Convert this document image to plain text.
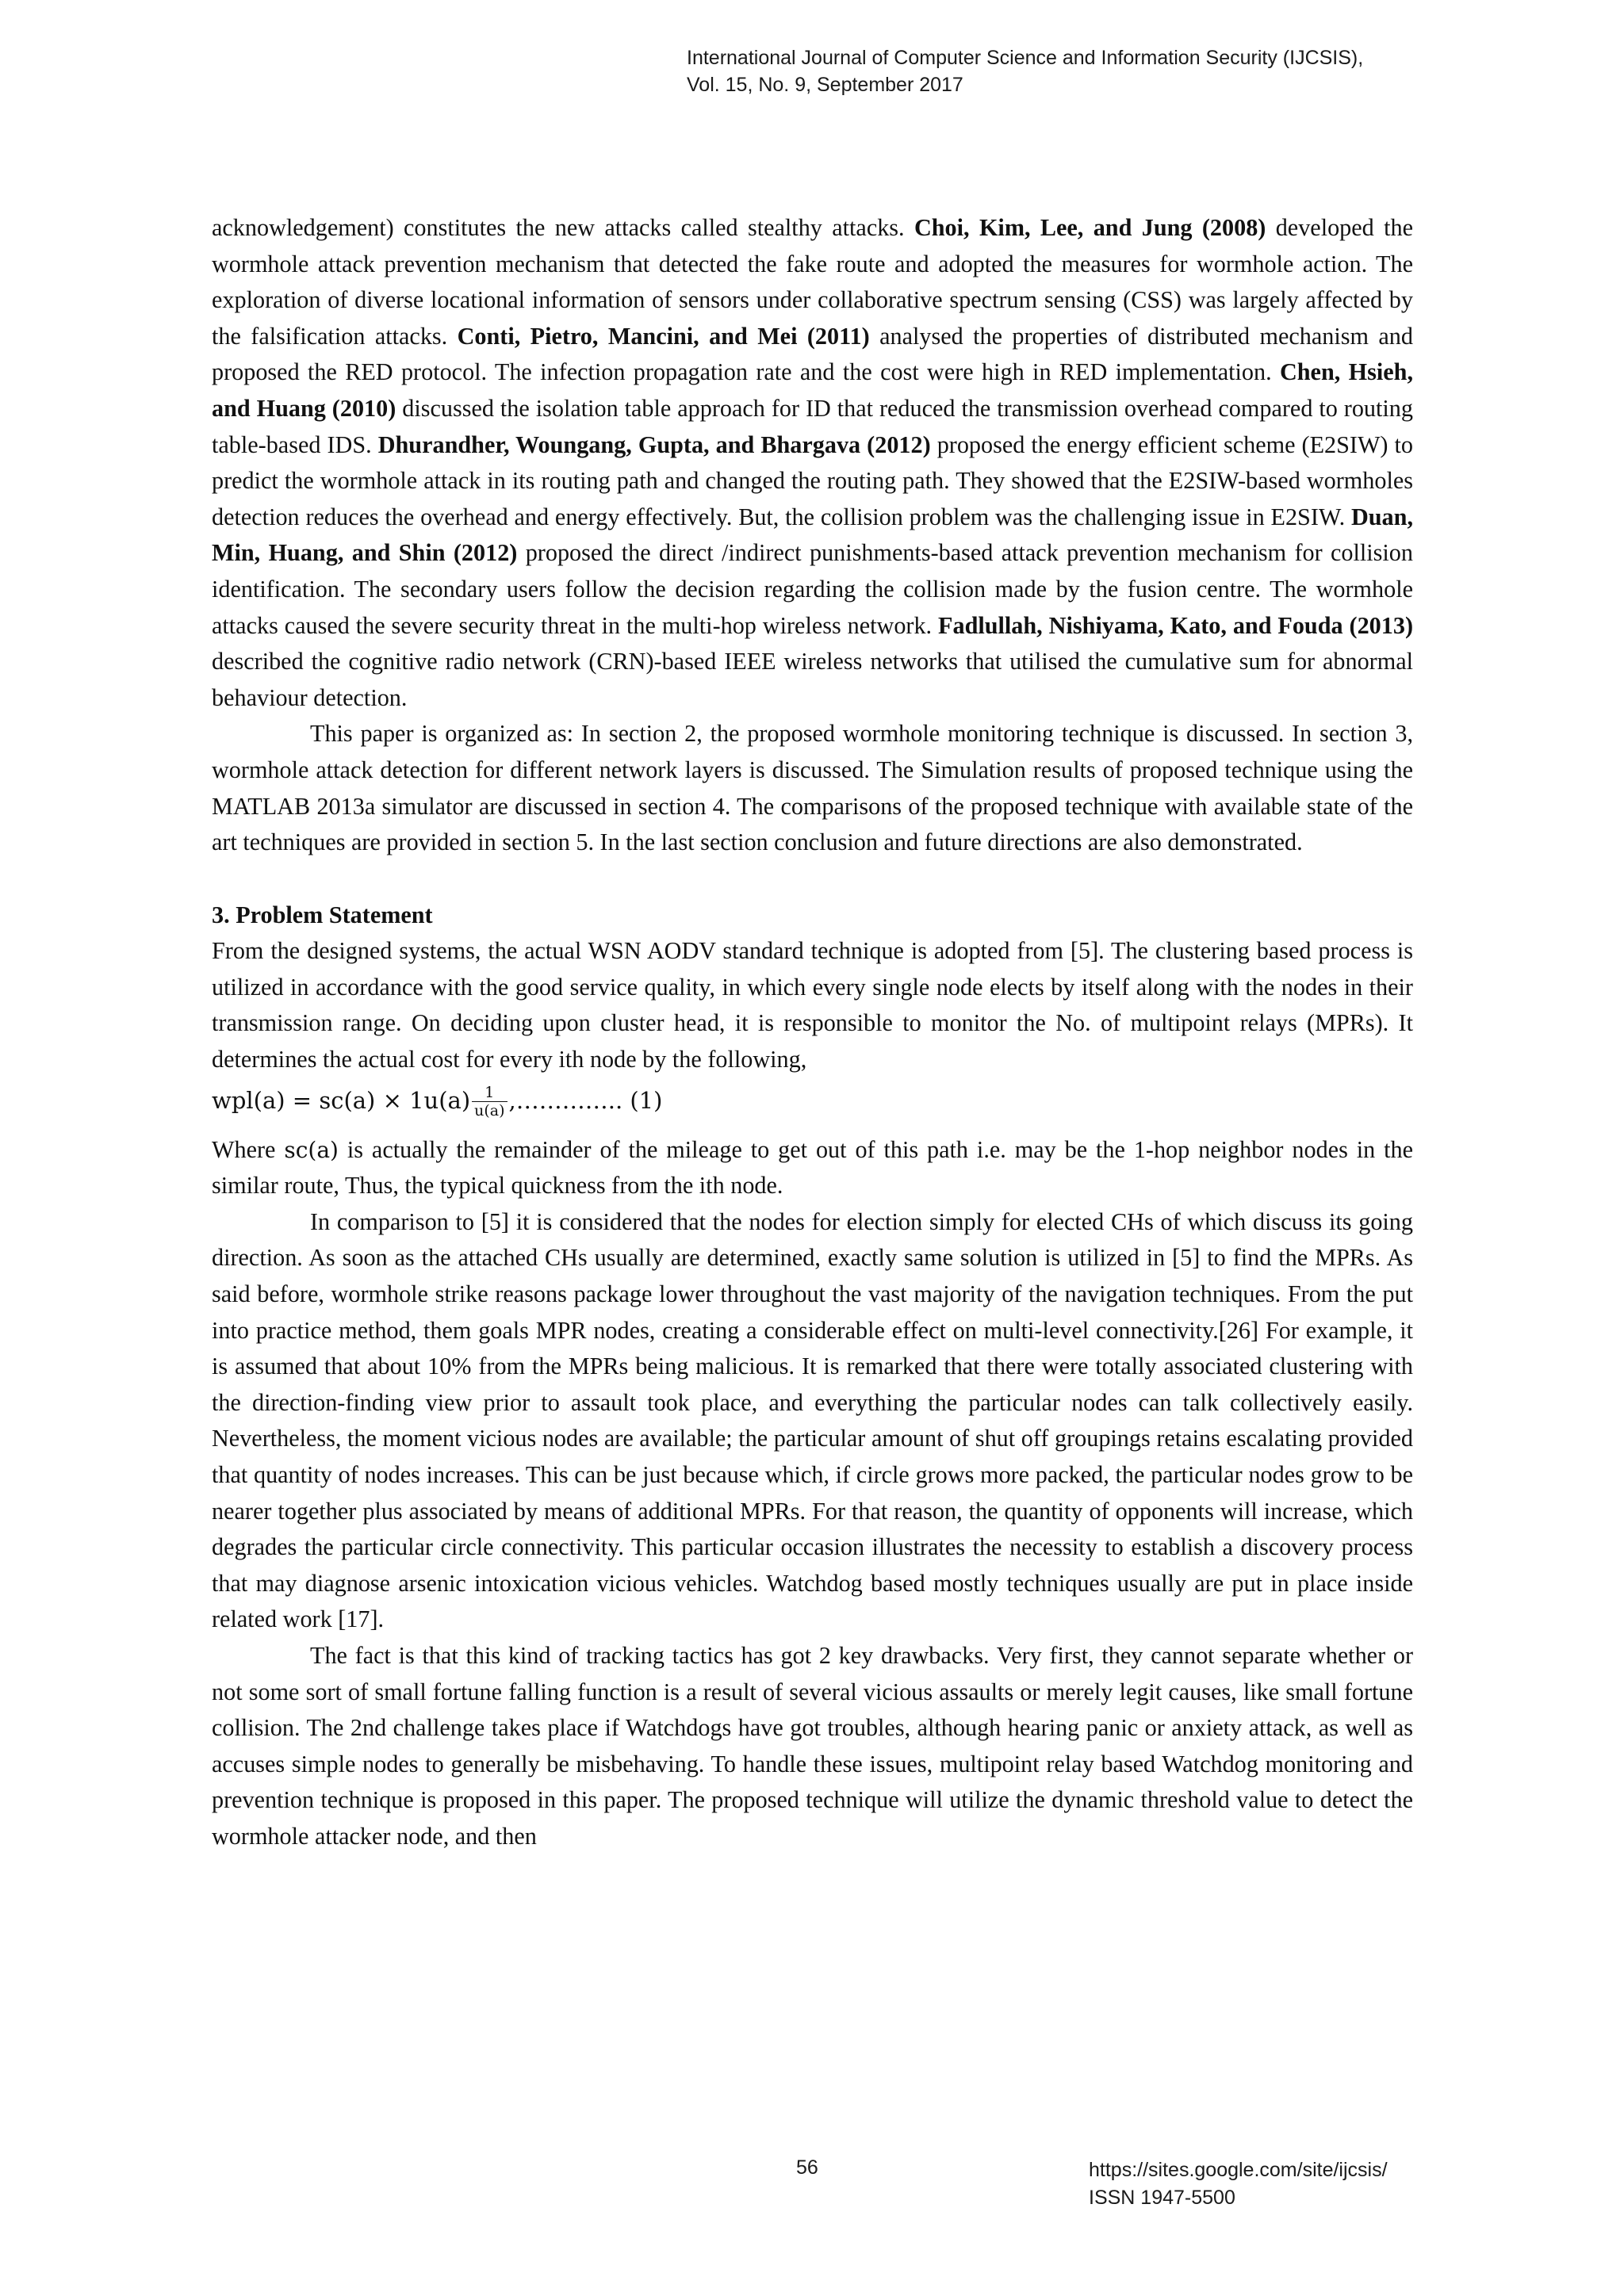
International Journal of Computer Science and Information Security (IJCSIS),
Vol. 15, No. 9, September 2017

acknowledgement) constitutes the new attacks called stealthy attacks. Choi, Kim, Lee, and Jung (2008) developed the wormhole attack prevention mechanism that detected the fake route and adopted the measures for wormhole action. The exploration of diverse locational information of sensors under collaborative spectrum sensing (CSS) was largely affected by the falsification attacks. Conti, Pietro, Mancini, and Mei (2011) analysed the properties of distributed mechanism and proposed the RED protocol. The infection propagation rate and the cost were high in RED implementation. Chen, Hsieh, and Huang (2010) discussed the isolation table approach for ID that reduced the transmission overhead compared to routing table-based IDS. Dhurandher, Woungang, Gupta, and Bhargava (2012) proposed the energy efficient scheme (E2SIW) to predict the wormhole attack in its routing path and changed the routing path. They showed that the E2SIW-based wormholes detection reduces the overhead and energy effectively. But, the collision problem was the challenging issue in E2SIW. Duan, Min, Huang, and Shin (2012) proposed the direct /indirect punishments-based attack prevention mechanism for collision identification. The secondary users follow the decision regarding the collision made by the fusion centre. The wormhole attacks caused the severe security threat in the multi-hop wireless network. Fadlullah, Nishiyama, Kato, and Fouda (2013) described the cognitive radio network (CRN)-based IEEE wireless networks that utilised the cumulative sum for abnormal behaviour detection.

This paper is organized as: In section 2, the proposed wormhole monitoring technique is discussed. In section 3, wormhole attack detection for different network layers is discussed. The Simulation results of proposed technique using the MATLAB 2013a simulator are discussed in section 4. The comparisons of the proposed technique with available state of the art techniques are provided in section 5. In the last section conclusion and future directions are also demonstrated.

3. Problem Statement

From the designed systems, the actual WSN AODV standard technique is adopted from [5]. The clustering based process is utilized in accordance with the good service quality, in which every single node elects by itself along with the nodes in their transmission range. On deciding upon cluster head, it is responsible to monitor the No. of multipoint relays (MPRs). It determines the actual cost for every ith node by the following,

$wpl(a) = sc(a) \times 1u(a) \frac{1}{u(a)}$ ,………….. (1)

Where sc(a) is actually the remainder of the mileage to get out of this path i.e. may be the 1-hop neighbor nodes in the similar route, Thus, the typical quickness from the ith node.

In comparison to [5] it is considered that the nodes for election simply for elected CHs of which discuss its going direction. As soon as the attached CHs usually are determined, exactly same solution is utilized in [5] to find the MPRs. As said before, wormhole strike reasons package lower throughout the vast majority of the navigation techniques. From the put into practice method, them goals MPR nodes, creating a considerable effect on multi-level connectivity.[26] For example, it is assumed that about 10% from the MPRs being malicious. It is remarked that there were totally associated clustering with the direction-finding view prior to assault took place, and everything the particular nodes can talk collectively easily. Nevertheless, the moment vicious nodes are available; the particular amount of shut off groupings retains escalating provided that quantity of nodes increases. This can be just because which, if circle grows more packed, the particular nodes grow to be nearer together plus associated by means of additional MPRs. For that reason, the quantity of opponents will increase, which degrades the particular circle connectivity. This particular occasion illustrates the necessity to establish a discovery process that may diagnose arsenic intoxication vicious vehicles. Watchdog based mostly techniques usually are put in place inside related work [17].

The fact is that this kind of tracking tactics has got 2 key drawbacks. Very first, they cannot separate whether or not some sort of small fortune falling function is a result of several vicious assaults or merely legit causes, like small fortune collision. The 2nd challenge takes place if Watchdogs have got troubles, although hearing panic or anxiety attack, as well as accuses simple nodes to generally be misbehaving. To handle these issues, multipoint relay based Watchdog monitoring and prevention technique is proposed in this paper. The proposed technique will utilize the dynamic threshold value to detect the wormhole attacker node, and then

56	https://sites.google.com/site/ijcsis/
ISSN 1947-5500
